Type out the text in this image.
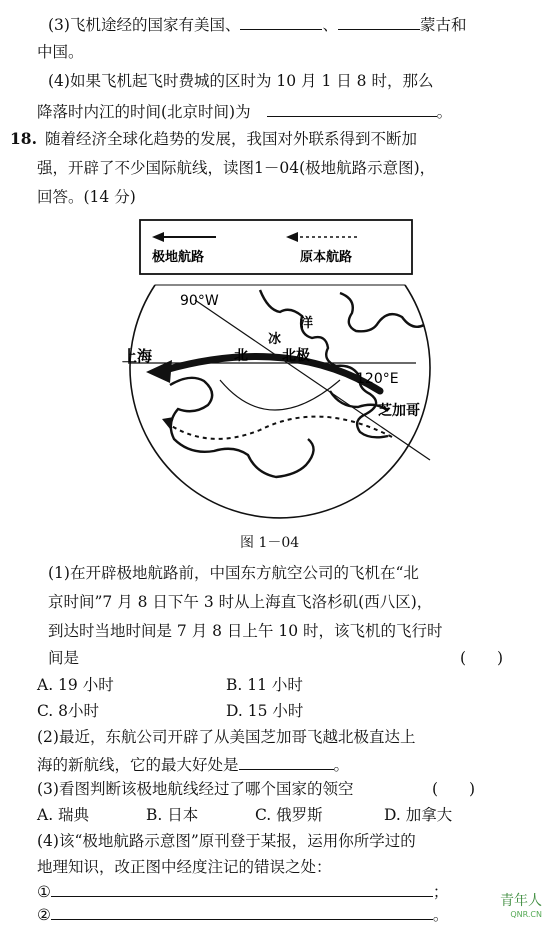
(3)飞机途经的国家有美国、	、	蒙古和
中国。
(4)如果飞机起飞时费城的区时为 10 月 1 日 8 时，那么
降落时内江的时间(北京时间)为	。
18. 随着经济全球化趋势的发展，我国对外联系得到不断加
强，开辟了不少国际航线，读图1－04(极地航路示意图)，
回答。(14 分)
极地航路	原本航路
90°W
冰
洋
上海	北 北极
120°E
芝加哥
图 1－04
(1)在开辟极地航路前，中国东方航空公司的飞机在“北
京时间”7 月 8 日下午 3 时从上海直飞洛杉矶(西八区)，
到达时当地时间是 7 月 8 日上午 10 时，该飞机的飞行时
间是	(　　)
A. 19 小时	B. 11 小时
C. 8小时	D. 15 小时
(2)最近，东航公司开辟了从美国芝加哥飞越北极直达上
海的新航线，它的最大好处是	。
(3)看图判断该极地航线经过了哪个国家的领空	(　　)
A. 瑞典	B. 日本	C. 俄罗斯	D. 加拿大
(4)该“极地航路示意图”原刊登于某报，运用你所学过的
地理知识，改正图中经度注记的错误之处：
①	；
②	。
青年人
QNR.CN
